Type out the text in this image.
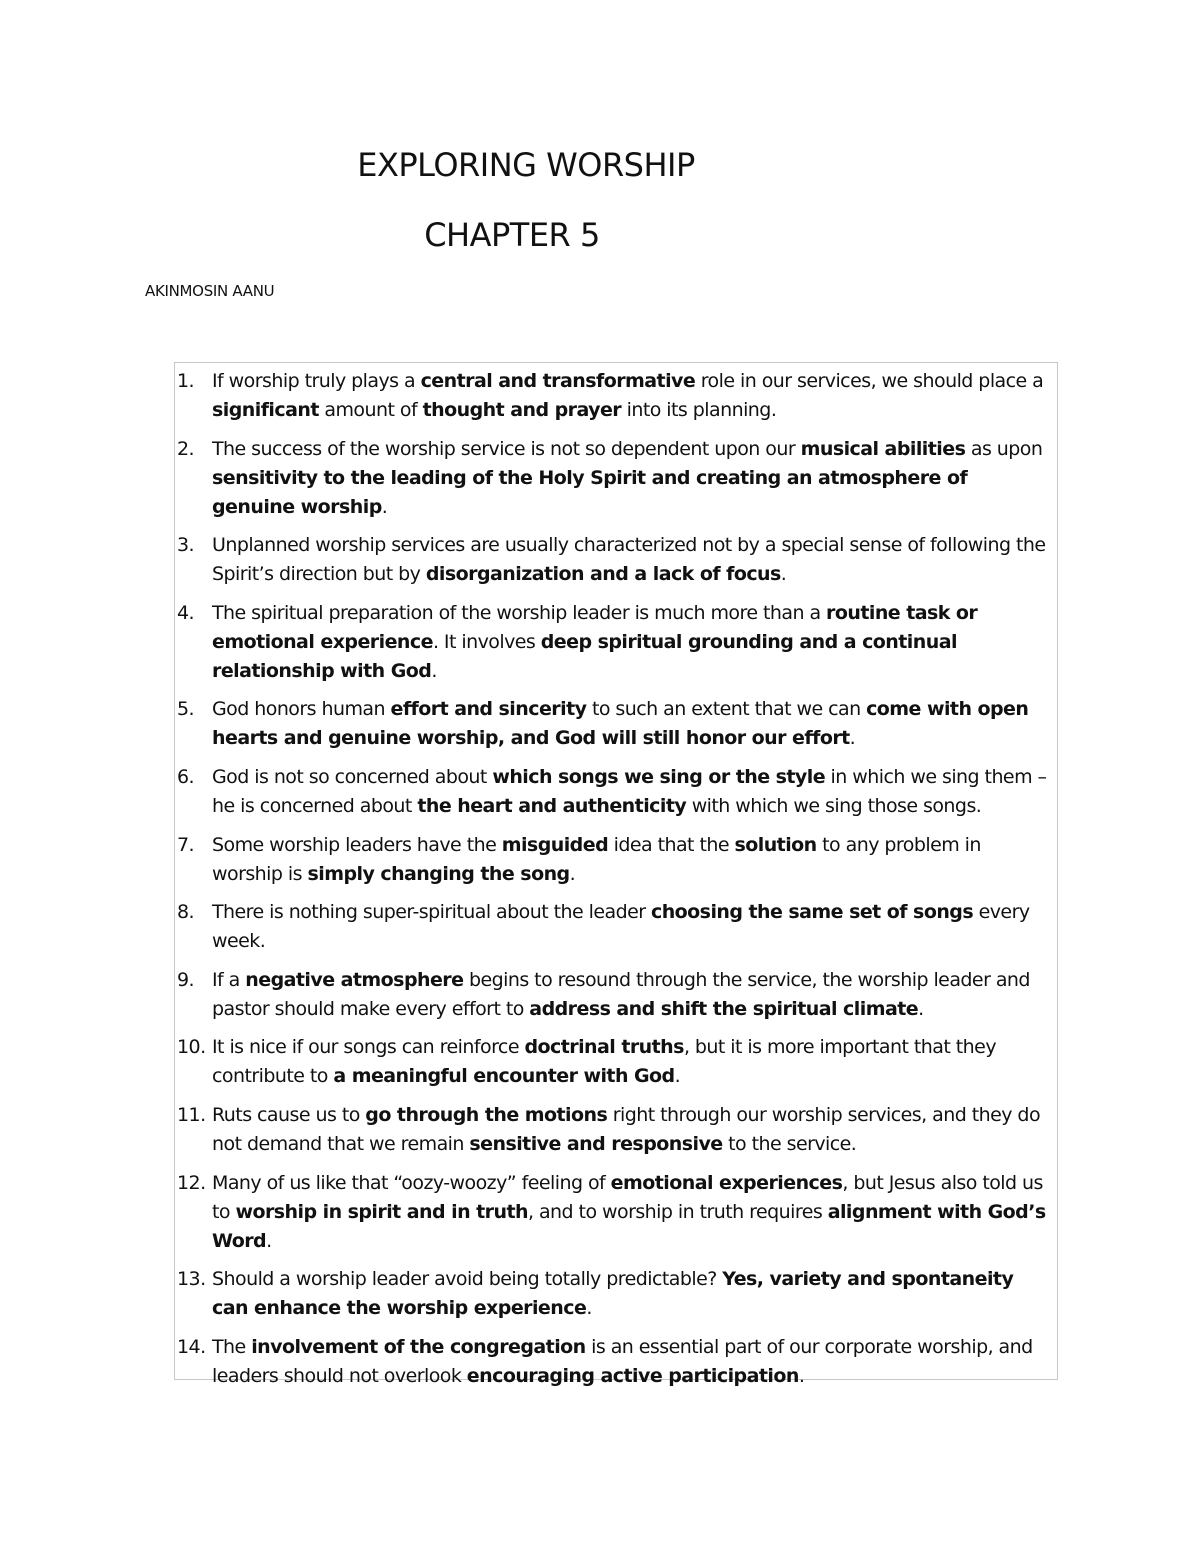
EXPLORING WORSHIP
CHAPTER 5

AKINMOSIN AANU

1. If worship truly plays a central and transformative role in our services, we should place a significant amount of thought and prayer into its planning.
2. The success of the worship service is not so dependent upon our musical abilities as upon sensitivity to the leading of the Holy Spirit and creating an atmosphere of genuine worship.
3. Unplanned worship services are usually characterized not by a special sense of following the Spirit’s direction but by disorganization and a lack of focus.
4. The spiritual preparation of the worship leader is much more than a routine task or emotional experience. It involves deep spiritual grounding and a continual relationship with God.
5. God honors human effort and sincerity to such an extent that we can come with open hearts and genuine worship, and God will still honor our effort.
6. God is not so concerned about which songs we sing or the style in which we sing them – he is concerned about the heart and authenticity with which we sing those songs.
7. Some worship leaders have the misguided idea that the solution to any problem in worship is simply changing the song.
8. There is nothing super-spiritual about the leader choosing the same set of songs every week.
9. If a negative atmosphere begins to resound through the service, the worship leader and pastor should make every effort to address and shift the spiritual climate.
10. It is nice if our songs can reinforce doctrinal truths, but it is more important that they contribute to a meaningful encounter with God.
11. Ruts cause us to go through the motions right through our worship services, and they do not demand that we remain sensitive and responsive to the service.
12. Many of us like that “oozy-woozy” feeling of emotional experiences, but Jesus also told us to worship in spirit and in truth, and to worship in truth requires alignment with God’s Word.
13. Should a worship leader avoid being totally predictable? Yes, variety and spontaneity can enhance the worship experience.
14. The involvement of the congregation is an essential part of our corporate worship, and leaders should not overlook encouraging active participation.
